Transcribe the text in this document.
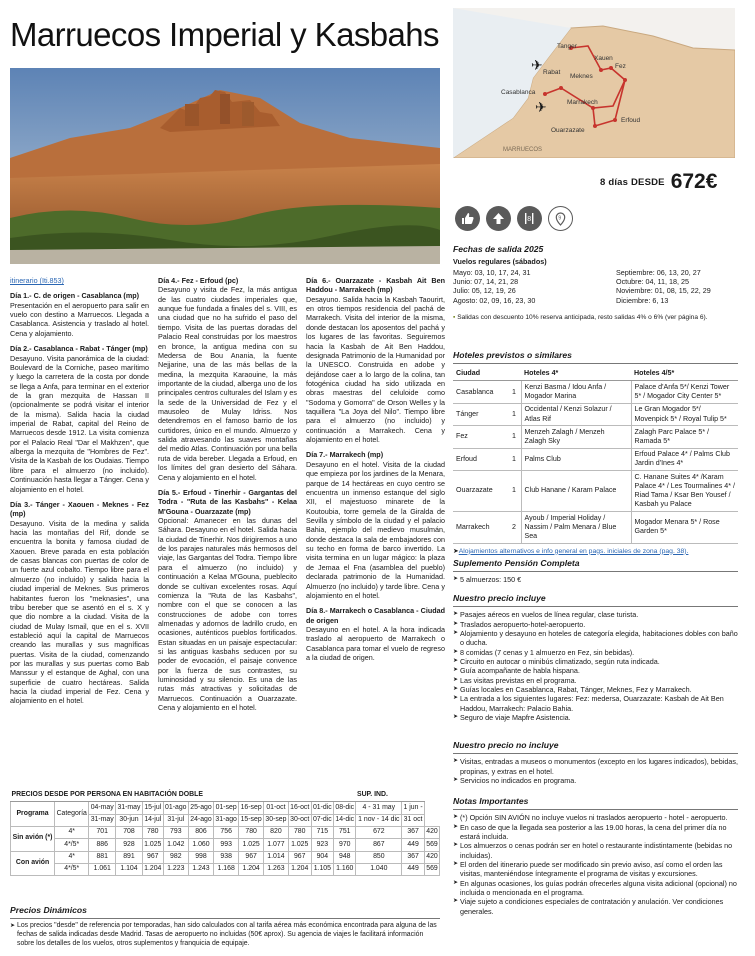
Marruecos Imperial y Kasbahs
✈
✈
Tanger
Xauen
Rabat
Meknes
Fez
Casablanca
Marrakech
Erfoud
Ouarzazate
MARRUECOS
8 días DESDE 672€
8	9

itinerario (Iti.853)

Día 1.- C. de origen - Casablanca (mp)
Presentación en el aeropuerto para salir en vuelo con destino a Marruecos. Llegada a Casablanca. Asistencia y traslado al hotel. Cena y alojamiento.

Día 2.- Casablanca - Rabat - Tánger (mp)
Desayuno. Visita panorámica de la ciudad: Boulevard de la Corniche, paseo marítimo y luego la carretera de la costa por donde se llega a Anfa, para terminar en el exterior de la gran mezquita de Hassan II (opcionalmente se podrá visitar el interior de la misma). Salida hacia la ciudad imperial de Rabat, capital del Reino de Marruecos desde 1912. La visita comienza por el Palacio Real "Dar el Makhzen", que alberga la mezquita de "Hombres de Fez". Visita de la Kasbah de los Oudaias. Tiempo libre para el almuerzo (no incluido). Continuación hasta llegar a Tánger. Cena y alojamiento en el hotel.

Día 3.- Tánger - Xaouen - Meknes - Fez (mp)
Desayuno. Visita de la medina y salida hacia las montañas del Rif, donde se encuentra la bonita y famosa ciudad de Xaouen. Breve parada en esta población de casas blancas con puertas de color de un fuerte azul cobalto. Tiempo libre para el almuerzo (no incluido) y salida hacia la ciudad imperial de Meknes. Sus primeros habitantes fueron los "meknasies", una tribu bereber que se asentó en el s. X y que dio nombre a la ciudad. Visita de la ciudad de Mulay Ismail, que en el s. XVII estableció aquí la capital de Marruecos creando las murallas y sus magníficas puertas. Visita de la ciudad, comenzando por las murallas y sus puertas como Bab Manssur y el estanque de Aghal, con una superficie de cuatro hectáreas. Salida hacia la ciudad imperial de Fez. Cena y alojamiento en el hotel.

Día 4.- Fez - Erfoud (pc)
Desayuno y visita de Fez, la más antigua de las cuatro ciudades imperiales que, aunque fue fundada a finales del s. VIII, es una ciudad que no ha sufrido el paso del tiempo. Visita de las puertas doradas del Palacio Real construidas por los maestros en bronce, la antigua medina con su Medersa de Bou Anania, la fuente Nejjarine, una de las más bellas de la medina, la mezquita Karaouine, la más importante de la ciudad, alberga uno de los principales centros culturales del Islam y es la sede de la Universidad de Fez y el mausoleo de Mulay Idriss. Nos detendremos en el famoso barrio de los curtidores, único en el mundo. Almuerzo y salida atravesando las suaves montañas del medio Atlas. Continuación por una bella ruta de vida bereber. Llegada a Erfoud, en los límites del gran desierto del Sáhara. Cena y alojamiento en el hotel.

Día 5.- Erfoud - Tinerhir - Gargantas del Todra - "Ruta de las Kasbahs" - Kelaa M'Gouna - Ouarzazate (mp)
Opcional: Amanecer en las dunas del Sáhara. Desayuno en el hotel. Salida hacia la ciudad de Tinerhir. Nos dirigiremos a uno de los parajes naturales más hermosos del viaje, las Gargantas del Todra. Tiempo libre para el almuerzo (no incluido) y continuación a Kelaa M'Gouna, pueblecito donde se cultivan excelentes rosas. Aquí comienza la "Ruta de las Kasbahs", nombre con el que se conocen a las construcciones de adobe con torres almenadas y adornos de ladrillo crudo, en ocasiones, auténticos pueblos fortificados. Estan situadas en un paisaje espectacular: si las antiguas kasbahs seducen por su poder de evocación, el paisaje convence por la fuerza de sus contrastes, su luminosidad y su silencio. Es una de las rutas más atractivas y solicitadas de Marruecos. Continuación a Ouarzazate. Cena y alojamiento en el hotel.

Día 6.- Ouarzazate - Kasbah Ait Ben Haddou - Marrakech (mp)
Desayuno. Salida hacia la Kasbah Taourirt, en otros tiempos residencia del pachá de Marrakech. Visita del interior de la misma, donde destacan los aposentos del pachá y los lugares de las favoritas. Seguiremos hacia la Kasbah de Ait Ben Haddou, designada Patrimonio de la Humanidad por la UNESCO. Construida en adobe y dejándose caer a lo largo de la colina, tan fotogénica ciudad ha sido utilizada en obras maestras del celuloide como "Sodoma y Gomorra" de Orson Welles y la taquillera "La Joya del Nilo". Tiempo libre para el almuerzo (no incluido) y continuación a Marrakech. Cena y alojamiento en el hotel.

Día 7.- Marrakech (mp)
Desayuno en el hotel. Visita de la ciudad que empieza por los jardines de la Menara, parque de 14 hectáreas en cuyo centro se encuentra un inmenso estanque del siglo XII, el majestuoso minarete de la Koutoubia, torre gemela de la Giralda de Sevilla y símbolo de la ciudad y el palacio Bahia, ejemplo del medievo musulmán, donde destaca la sala de embajadores con su techo en forma de barco invertido. La visita termina en un lugar mágico: la plaza de Jemaa el Fna (asamblea del pueblo) declarada patrimonio de la Humanidad. Almuerzo (no incluido) y tarde libre. Cena y alojamiento en el hotel.

Día 8.- Marrakech o Casablanca - Ciudad de origen
Desayuno en el hotel. A la hora indicada traslado al aeropuerto de Marrakech o Casablanca para tomar el vuelo de regreso a la ciudad de origen.

Fechas de salida 2025
Vuelos regulares (sábados)
Mayo: 03, 10, 17, 24, 31
Junio: 07, 14, 21, 28
Julio: 05, 12, 19, 26
Agosto: 02, 09, 16, 23, 30
Septiembre: 06, 13, 20, 27
Octubre: 04, 11, 18, 25
Noviembre: 01, 08, 15, 22, 29
Diciembre: 6, 13
▪ Salidas con descuento 10% reserva anticipada, resto salidas 4% o 6% (ver página 6).
Hoteles previstos o similares
Ciudad		Hoteles 4*	Hoteles 4/5*
Casablanca	1	Kenzi Basma / Idou Anfa / Mogador Marina	Palace d'Anfa 5*/ Kenzi Tower 5* / Mogador City Center 5*
Tánger	1	Occidental / Kenzi Solazur / Atlas Rif	Le Gran Mogador 5*/ Movenpick 5* / Royal Tulip 5*
Fez	1	Menzeh Zalagh / Menzeh Zalagh Sky	Zalagh Parc Palace 5* / Ramada 5*
Erfoud	1	Palms Club	Erfoud Palace 4* / Palms Club Jardin d'Ines 4*
Ouarzazate	1	Club Hanane / Karam Palace	C. Hanane Suites 4* /Karam Palace 4* / Les Tourmalines 4* / Riad Tama / Ksar Ben Yousef / Kasbah yu Palace
Marrakech	2	Ayoub / Imperial Holiday / Nassim / Palm Menara / Blue Sea	Mogador Menara 5* / Rose Garden 5*
➤Alojamientos alternativos e info general en pags. iniciales de zona (pag. 38).
Suplemento Pensión Completa
➤ 5 almuerzos: 150 €
Nuestro precio incluye
➤ Pasajes aéreos en vuelos de línea regular, clase turista.
➤ Traslados aeropuerto-hotel-aeropuerto.
➤ Alojamiento y desayuno en hoteles de categoría elegida, habitaciones dobles con baño o ducha.
➤ 8 comidas (7 cenas y 1 almuerzo en Fez, sin bebidas).
➤ Circuito en autocar o minibús climatizado, según ruta indicada.
➤ Guía acompañante de habla hispana.
➤ Las visitas previstas en el programa.
➤ Guías locales en Casablanca, Rabat, Tánger, Meknes, Fez y Marrakech.
➤ La entrada a los siguientes lugares: Fez: medersa, Ouarzazate: Kasbah de Ait Ben Haddou, Marrakech: Palacio Bahia.
➤ Seguro de viaje Mapfre Asistencia.
Nuestro precio no incluye
➤ Visitas, entradas a museos o monumentos (excepto en los lugares indicados), bebidas, propinas, y extras en el hotel.
➤ Servicios no indicados en programa.
Notas Importantes
➤ (*) Opción SIN AVIÓN no incluye vuelos ni traslados aeropuerto - hotel - aeropuerto.
➤ En caso de que la llegada sea posterior a las 19.00 horas, la cena del primer día no estará incluida.
➤ Los almuerzos o cenas podrán ser en hotel o restaurante indistintamente (bebidas no incluidas).
➤ El orden del itinerario puede ser modificado sin previo aviso, así como el orden las visitas, manteniéndose íntegramente el programa de visitas y excursiones.
➤ En algunas ocasiones, los guías podrán ofrecerles alguna visita adicional (opcional) no incluida o mencionada en el programa.
➤ Viaje sujeto a condiciones especiales de contratación y anulación. Ver condiciones generales.
PRECIOS DESDE POR PERSONA EN HABITACIÓN DOBLE													SUP. IND.		
Programa	Categoría	04-may	31-may	15-jul	01-ago	25-ago	01-sep	16-sep	01-oct	16-oct	01-dic	08-dic	4 - 31 may	1 jun -	
		31-may	30-jun	14-jul	31-jul	24-ago	31-ago	15-sep	30-sep	30-oct	07-dic	14-dic	1 nov - 14 dic	31 oct	
Sin avión (*)	4*	701	708	780	793	806	756	780	820	780	715	751	672	367	420
	4*/5*	886	928	1.025	1.042	1.060	993	1.025	1.077	1.025	923	970	867	449	569
Con avión	4*	881	891	967	982	998	938	967	1.014	967	904	948	850	367	420
	4*/5*	1.061	1.104	1.204	1.223	1.243	1.168	1.204	1.263	1.204	1.105	1.160	1.040	449	569
Precios Dinámicos
➤ Los precios "desde" de referencia por temporadas, han sido calculados con al tarifa aérea más económica encontrada para alguna de las fechas de salida indicadas desde Madrid. Tasas de aeropuerto no incluidas (50€ aprox). Su agencia de viajes le facilitará información sobre los detalles de los vuelos, otros suplementos y franquicia de equipaje.
